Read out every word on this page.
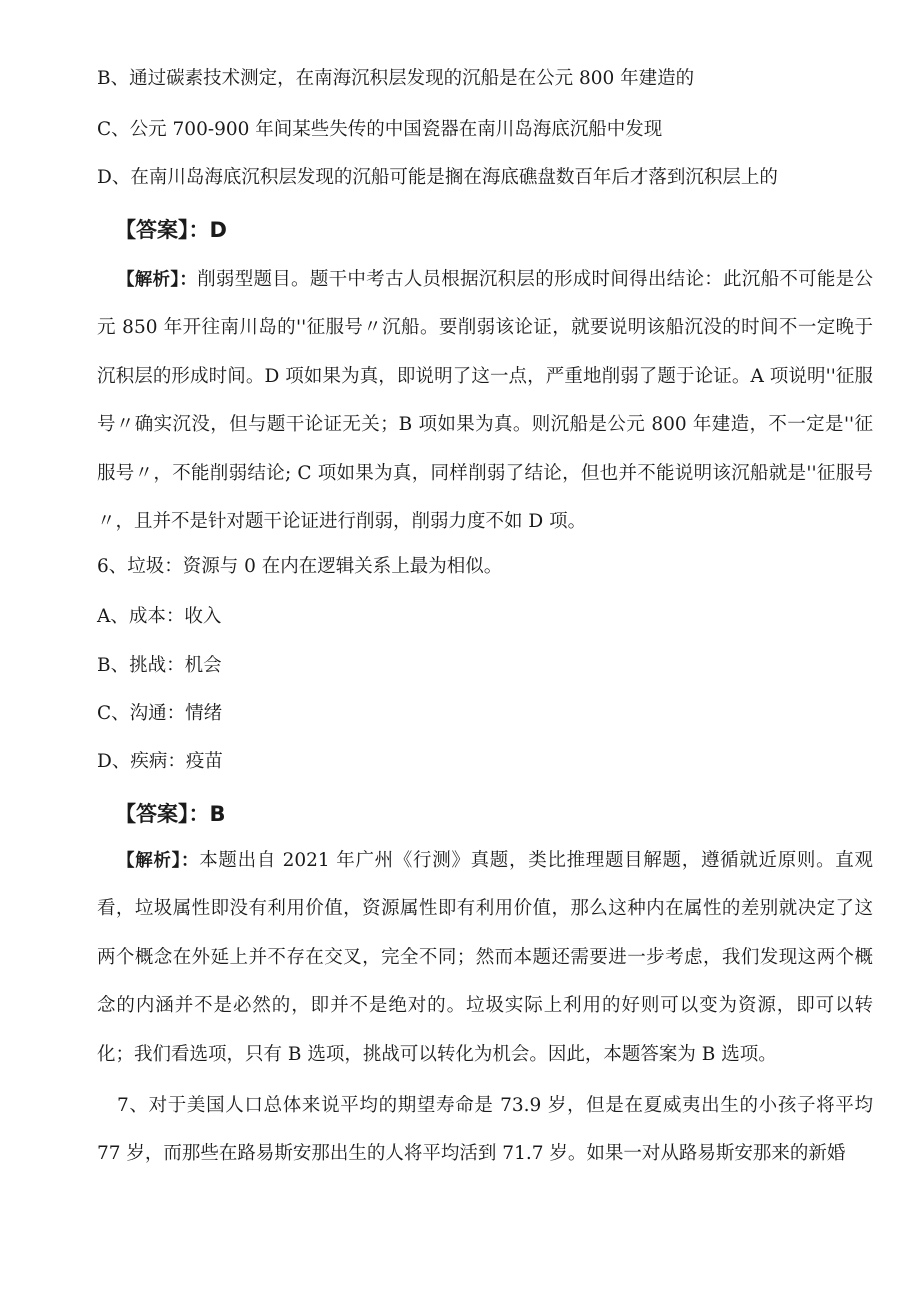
B、通过碳素技术测定，在南海沉积层发现的沉船是在公元 800 年建造的
C、公元 700-900 年间某些失传的中国瓷器在南川岛海底沉船中发现
D、在南川岛海底沉积层发现的沉船可能是搁在海底礁盘数百年后才落到沉积层上的
【答案】：D
【解析】：削弱型题目。题干中考古人员根据沉积层的形成时间得出结论：此沉船不可能是公元 850 年开往南川岛的''征服号〃沉船。要削弱该论证，就要说明该船沉没的时间不一定晚于沉积层的形成时间。D 项如果为真，即说明了这一点，严重地削弱了题于论证。A 项说明''征服号〃确实沉没，但与题干论证无关；B 项如果为真。则沉船是公元 800 年建造，不一定是''征服号〃，不能削弱结论; C 项如果为真，同样削弱了结论，但也并不能说明该沉船就是''征服号〃，且并不是针对题干论证进行削弱，削弱力度不如 D 项。
6、垃圾：资源与 0 在内在逻辑关系上最为相似。
A、成本：收入
B、挑战：机会
C、沟通：情绪
D、疾病：疫苗
【答案】：B
【解析】：本题出自 2021 年广州《行测》真题，类比推理题目解题，遵循就近原则。直观看，垃圾属性即没有利用价值，资源属性即有利用价值，那么这种内在属性的差别就决定了这两个概念在外延上并不存在交叉，完全不同；然而本题还需要进一步考虑，我们发现这两个概念的内涵并不是必然的，即并不是绝对的。垃圾实际上利用的好则可以变为资源，即可以转化；我们看选项，只有 B 选项，挑战可以转化为机会。因此，本题答案为 B 选项。
7、对于美国人口总体来说平均的期望寿命是 73.9 岁，但是在夏威夷出生的小孩子将平均 77 岁，而那些在路易斯安那出生的人将平均活到 71.7 岁。如果一对从路易斯安那来的新婚
